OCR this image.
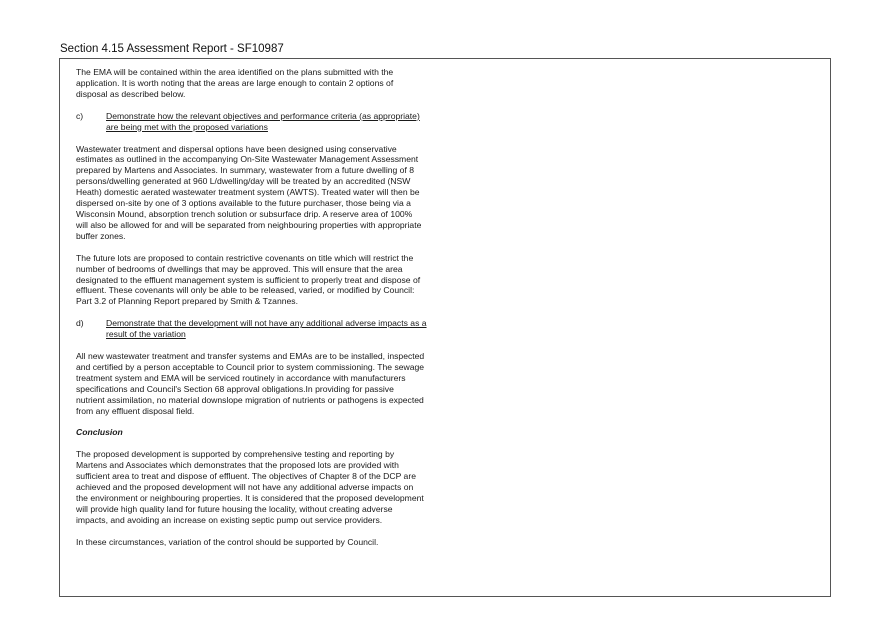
Section 4.15 Assessment Report - SF10987

The EMA will be contained within the area identified on the plans submitted with the
application. It is worth noting that the areas are large enough to contain 2 options of
disposal as described below.

c)	Demonstrate how the relevant objectives and performance criteria (as appropriate)
are being met with the proposed variations

Wastewater treatment and dispersal options have been designed using conservative
estimates as outlined in the accompanying On-Site Wastewater Management Assessment
prepared by Martens and Associates. In summary, wastewater from a future dwelling of 8
persons/dwelling generated at 960 L/dwelling/day will be treated by an accredited (NSW
Heath) domestic aerated wastewater treatment system (AWTS). Treated water will then be
dispersed on-site by one of 3 options available to the future purchaser, those being via a
Wisconsin Mound, absorption trench solution or subsurface drip. A reserve area of 100%
will also be allowed for and will be separated from neighbouring properties with appropriate
buffer zones.

The future lots are proposed to contain restrictive covenants on title which will restrict the
number of bedrooms of dwellings that may be approved. This will ensure that the area
designated to the effluent management system is sufficient to properly treat and dispose of
effluent. These covenants will only be able to be released, varied, or modified by Council:
Part 3.2 of Planning Report prepared by Smith & Tzannes.

d)	Demonstrate that the development will not have any additional adverse impacts as a
result of the variation

All new wastewater treatment and transfer systems and EMAs are to be installed, inspected
and certified by a person acceptable to Council prior to system commissioning. The sewage
treatment system and EMA will be serviced routinely in accordance with manufacturers
specifications and Council's Section 68 approval obligations.In providing for passive
nutrient assimilation, no material downslope migration of nutrients or pathogens is expected
from any effluent disposal field.

Conclusion

The proposed development is supported by comprehensive testing and reporting by
Martens and Associates which demonstrates that the proposed lots are provided with
sufficient area to treat and dispose of effluent. The objectives of Chapter 8 of the DCP are
achieved and the proposed development will not have any additional adverse impacts on
the environment or neighbouring properties. It is considered that the proposed development
will provide high quality land for future housing the locality, without creating adverse
impacts, and avoiding an increase on existing septic pump out service providers.

In these circumstances, variation of the control should be supported by Council.
